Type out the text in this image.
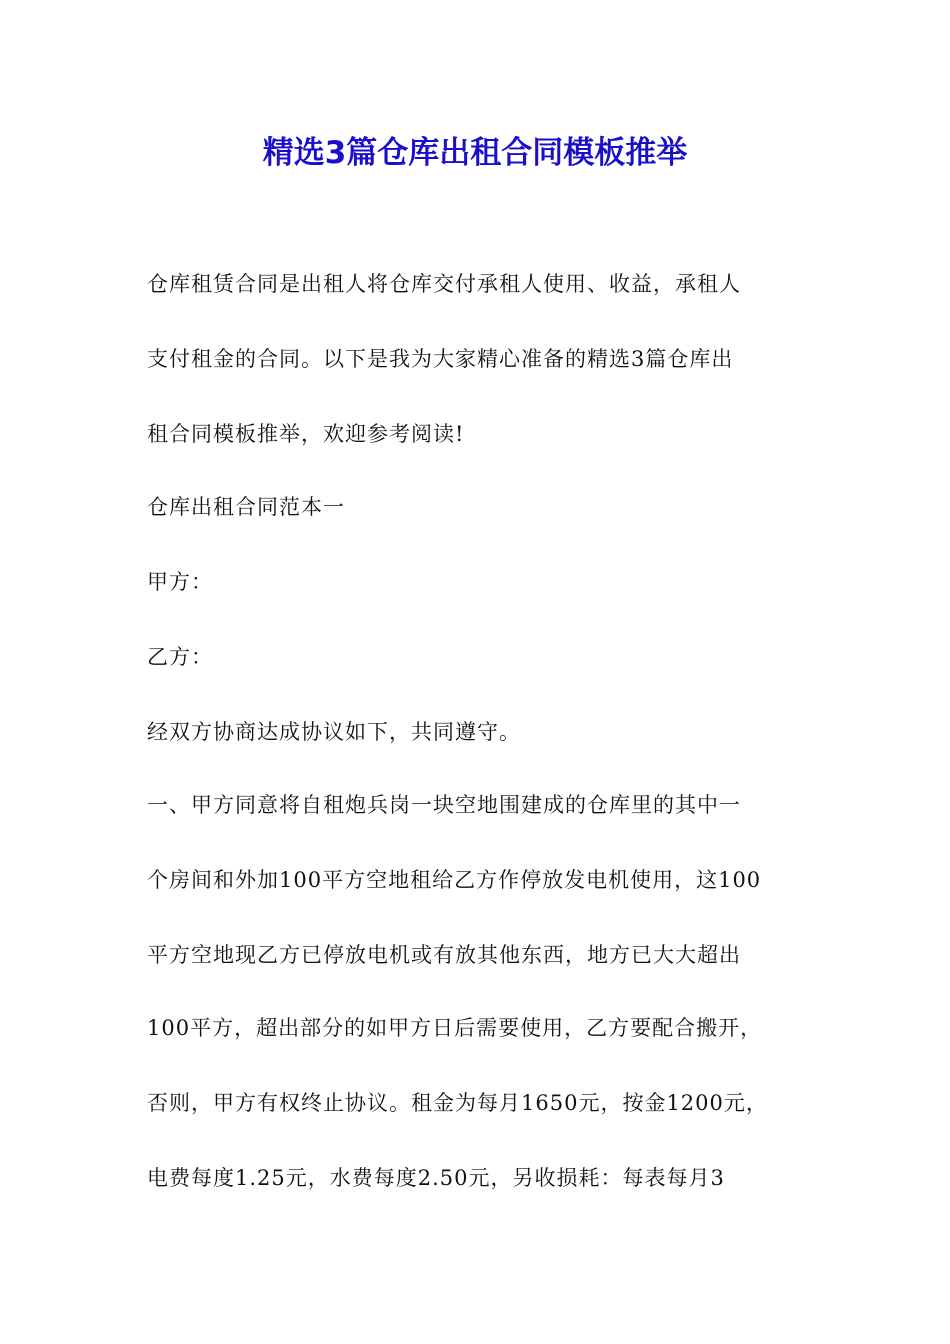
精选3篇仓库出租合同模板推举
仓库租赁合同是出租人将仓库交付承租人使用、收益，承租人
支付租金的合同。以下是我为大家精心准备的精选3篇仓库出
租合同模板推举，欢迎参考阅读!
仓库出租合同范本一
甲方：
乙方：
经双方协商达成协议如下，共同遵守。
一、甲方同意将自租炮兵岗一块空地围建成的仓库里的其中一
个房间和外加100平方空地租给乙方作停放发电机使用，这100
平方空地现乙方已停放电机或有放其他东西，地方已大大超出
100平方，超出部分的如甲方日后需要使用，乙方要配合搬开，
否则，甲方有权终止协议。租金为每月1650元，按金1200元，
电费每度1.25元，水费每度2.50元，另收损耗：每表每月3
